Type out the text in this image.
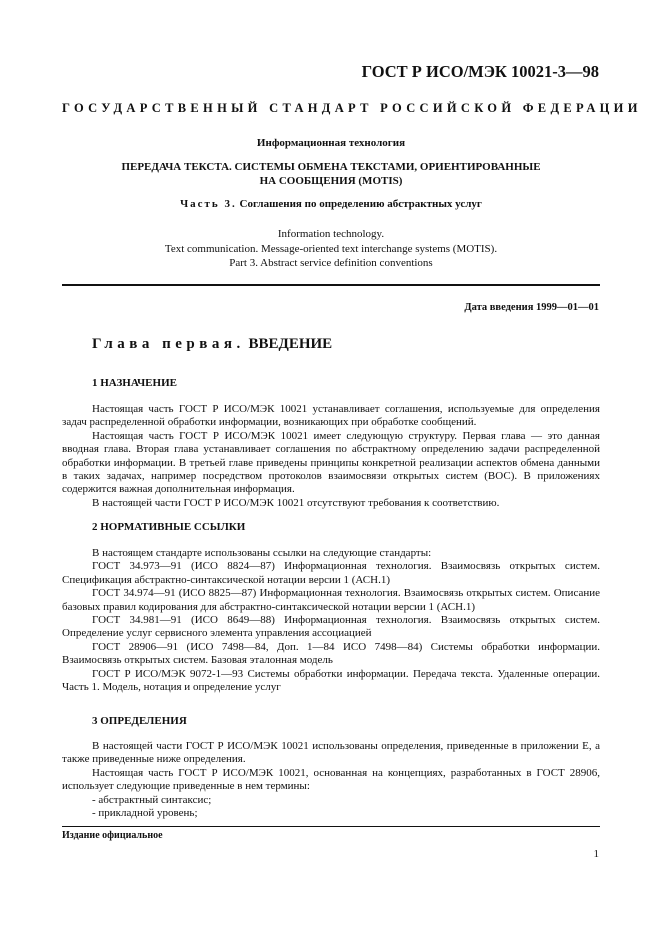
ГОСТ Р ИСО/МЭК 10021-3—98
ГОСУДАРСТВЕННЫЙ СТАНДАРТ РОССИЙСКОЙ ФЕДЕРАЦИИ
Информационная технология
ПЕРЕДАЧА ТЕКСТА. СИСТЕМЫ ОБМЕНА ТЕКСТАМИ, ОРИЕНТИРОВАННЫЕ
НА СООБЩЕНИЯ (MOTIS)
Часть 3. Соглашения по определению абстрактных услуг
Information technology.
Text communication. Message-oriented text interchange systems (MOTIS).
Part 3. Abstract service definition conventions
Дата введения 1999—01—01
Глава первая. ВВЕДЕНИЕ
1 НАЗНАЧЕНИЕ

Настоящая часть ГОСТ Р ИСО/МЭК 10021 устанавливает соглашения, используемые для определения задач распределенной обработки информации, возникающих при обработке сообщений.

Настоящая часть ГОСТ Р ИСО/МЭК 10021 имеет следующую структуру. Первая глава — это данная вводная глава. Вторая глава устанавливает соглашения по абстрактному определению задачи распределенной обработки информации. В третьей главе приведены принципы конкретной реализации аспектов обмена данными в таких задачах, например посредством протоколов взаимосвязи открытых систем (ВОС). В приложениях содержится важная дополнительная информация.

В настоящей части ГОСТ Р ИСО/МЭК 10021 отсутствуют требования к соответствию.

2 НОРМАТИВНЫЕ ССЫЛКИ

В настоящем стандарте использованы ссылки на следующие стандарты:

ГОСТ 34.973—91 (ИСО 8824—87) Информационная технология. Взаимосвязь открытых систем. Спецификация абстрактно-синтаксической нотации версии 1 (АСН.1)

ГОСТ 34.974—91 (ИСО 8825—87) Информационная технология. Взаимосвязь открытых систем. Описание базовых правил кодирования для абстрактно-синтаксической нотации версии 1 (АСН.1)

ГОСТ 34.981—91 (ИСО 8649—88) Информационная технология. Взаимосвязь открытых систем. Определение услуг сервисного элемента управления ассоциацией

ГОСТ 28906—91 (ИСО 7498—84, Доп. 1—84 ИСО 7498—84) Системы обработки информации. Взаимосвязь открытых систем. Базовая эталонная модель

ГОСТ Р ИСО/МЭК 9072-1—93 Системы обработки информации. Передача текста. Удаленные операции. Часть 1. Модель, нотация и определение услуг

3 ОПРЕДЕЛЕНИЯ

В настоящей части ГОСТ Р ИСО/МЭК 10021 использованы определения, приведенные в приложении Е, а также приведенные ниже определения.

Настоящая часть ГОСТ Р ИСО/МЭК 10021, основанная на концепциях, разработанных в ГОСТ 28906, использует следующие приведенные в нем термины:

- абстрактный синтаксис;

- прикладной уровень;

Издание официальное
1
